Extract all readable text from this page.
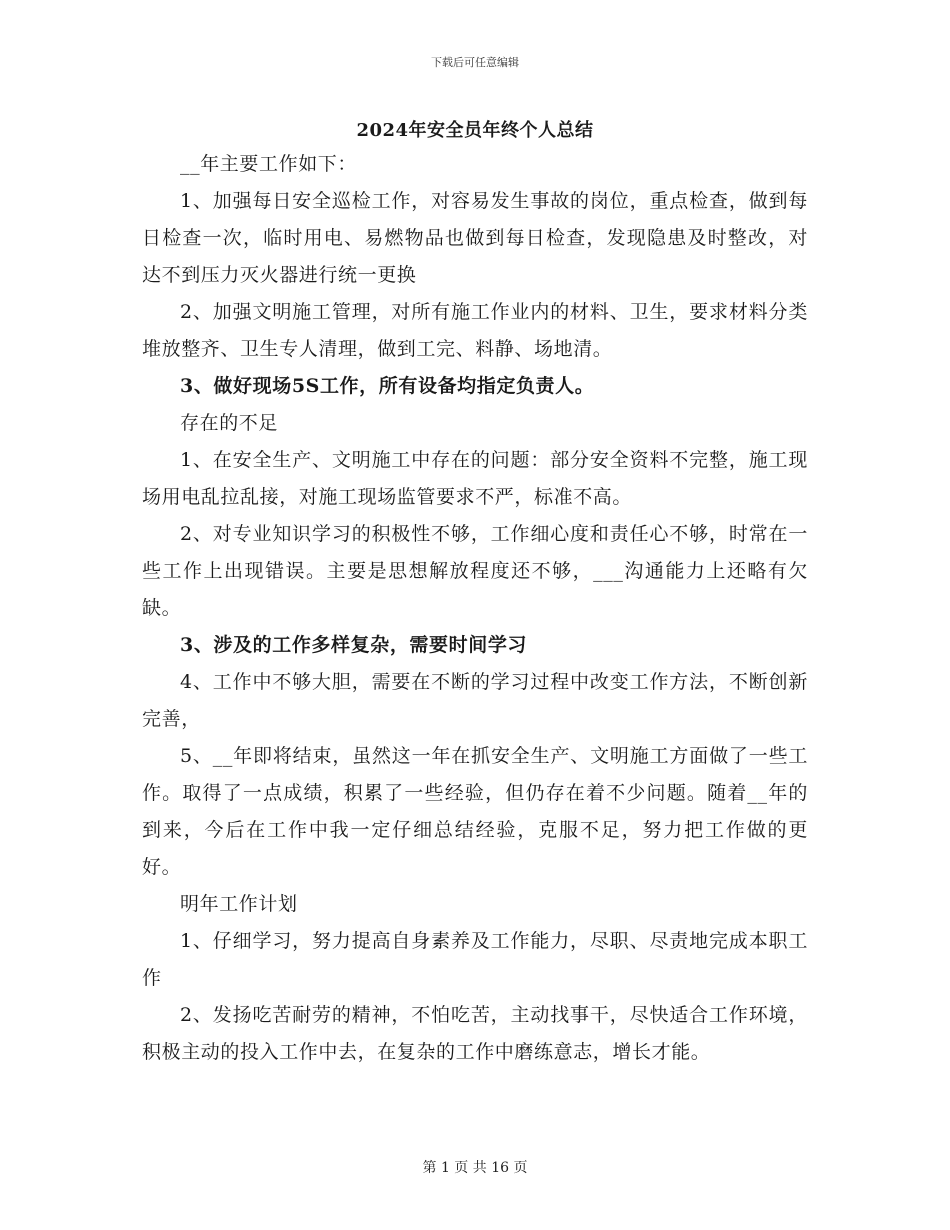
下载后可任意编辑
2024年安全员年终个人总结

__年主要工作如下：

1、加强每日安全巡检工作，对容易发生事故的岗位，重点检查，做到每日检查一次，临时用电、易燃物品也做到每日检查，发现隐患及时整改，对达不到压力灭火器进行统一更换

2、加强文明施工管理，对所有施工作业内的材料、卫生，要求材料分类堆放整齐、卫生专人清理，做到工完、料静、场地清。

3、做好现场5S工作，所有设备均指定负责人。

存在的不足

1、在安全生产、文明施工中存在的问题：部分安全资料不完整，施工现场用电乱拉乱接，对施工现场监管要求不严，标准不高。

2、对专业知识学习的积极性不够，工作细心度和责任心不够，时常在一些工作上出现错误。主要是思想解放程度还不够，___沟通能力上还略有欠缺。

3、涉及的工作多样复杂，需要时间学习

4、工作中不够大胆，需要在不断的学习过程中改变工作方法，不断创新完善，

5、__年即将结束，虽然这一年在抓安全生产、文明施工方面做了一些工作。取得了一点成绩，积累了一些经验，但仍存在着不少问题。随着__年的到来，今后在工作中我一定仔细总结经验，克服不足，努力把工作做的更好。

明年工作计划

1、仔细学习，努力提高自身素养及工作能力，尽职、尽责地完成本职工作

2、发扬吃苦耐劳的精神，不怕吃苦，主动找事干，尽快适合工作环境，积极主动的投入工作中去，在复杂的工作中磨练意志，增长才能。

第 1 页 共 16 页
